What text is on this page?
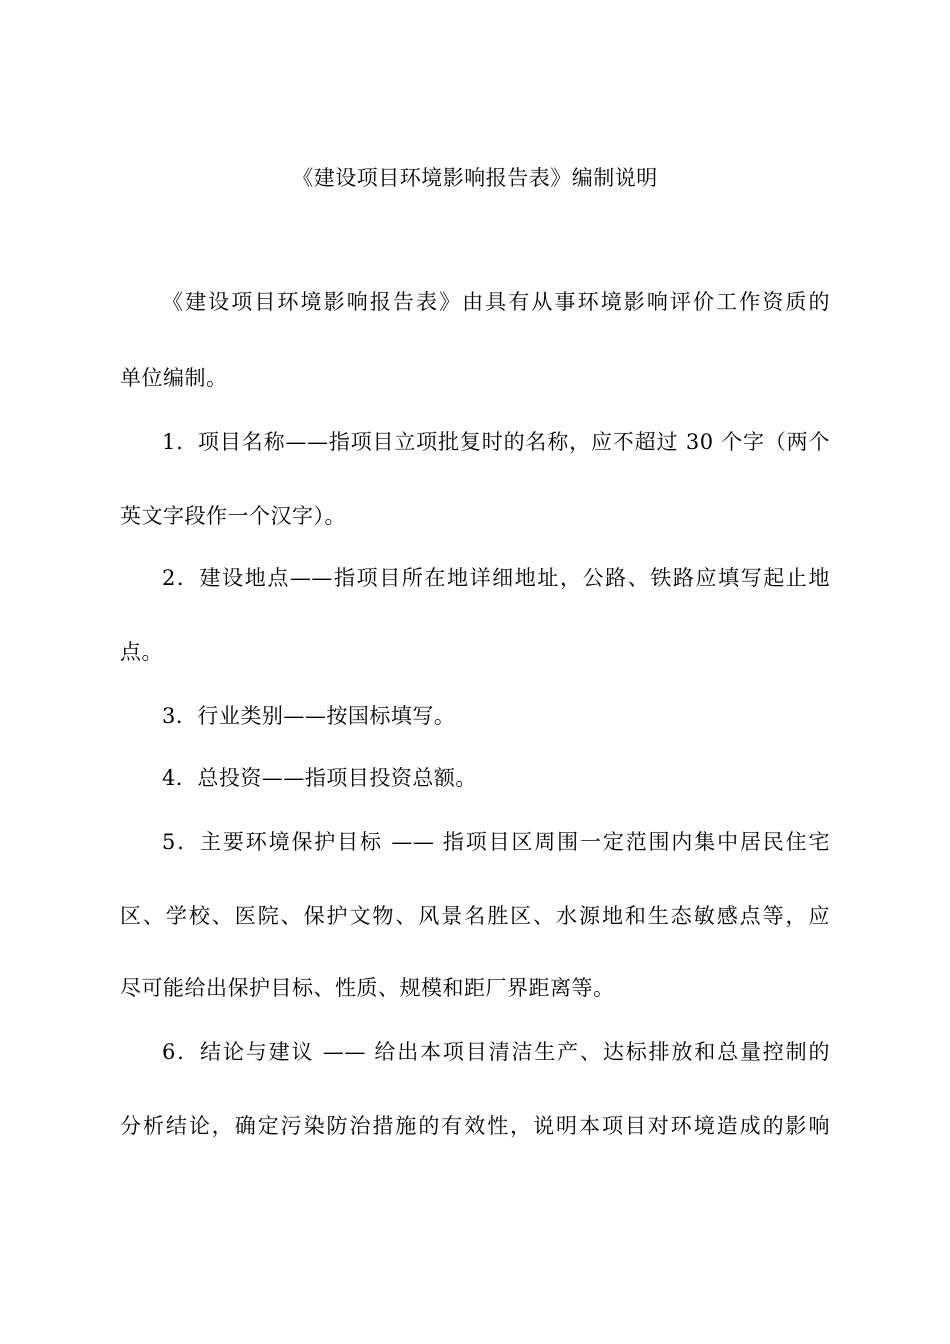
《建设项目环境影响报告表》编制说明
《建设项目环境影响报告表》由具有从事环境影响评价工作资质的
单位编制。
1．项目名称——指项目立项批复时的名称，应不超过 30 个字（两个
英文字段作一个汉字）。
2．建设地点——指项目所在地详细地址，公路、铁路应填写起止地
点。
3．行业类别——按国标填写。
4．总投资——指项目投资总额。
5．主要环境保护目标 —— 指项目区周围一定范围内集中居民住宅
区、学校、医院、保护文物、风景名胜区、水源地和生态敏感点等，应
尽可能给出保护目标、性质、规模和距厂界距离等。
6．结论与建议 —— 给出本项目清洁生产、达标排放和总量控制的
分析结论，确定污染防治措施的有效性，说明本项目对环境造成的影响
